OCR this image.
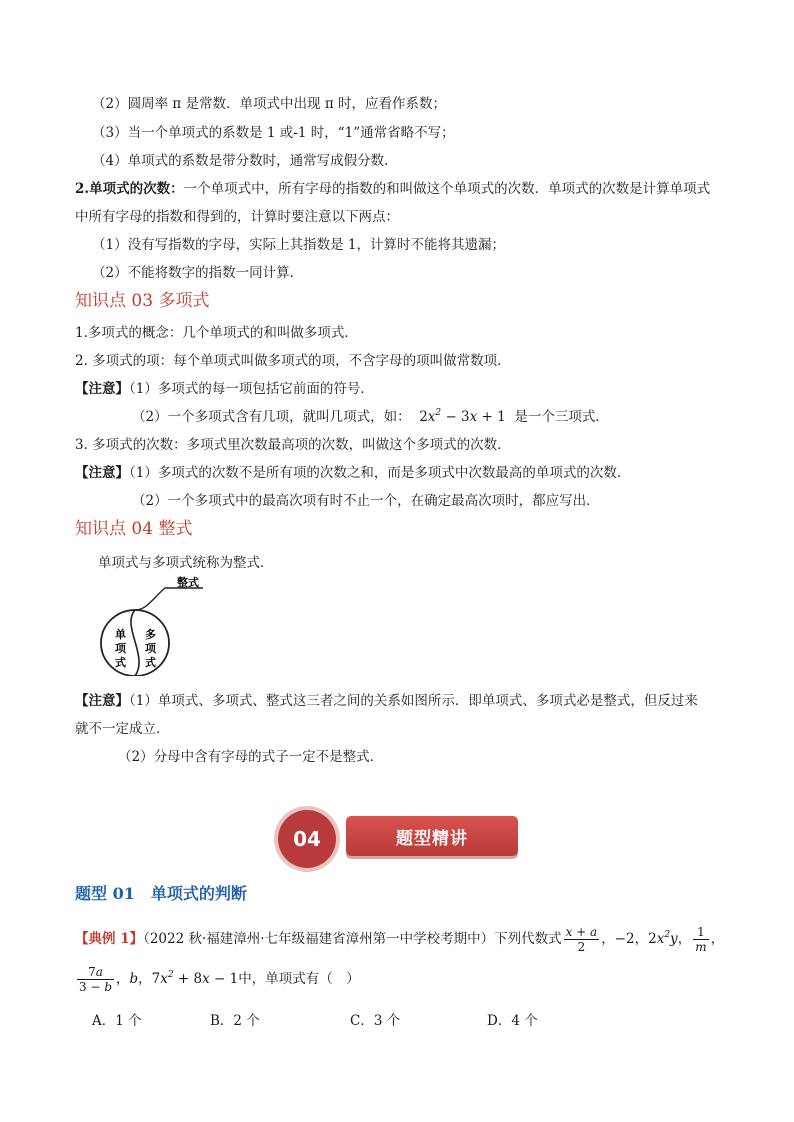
（2）圆周率 π 是常数．单项式中出现 π 时，应看作系数；
（3）当一个单项式的系数是 1 或-1 时，“1”通常省略不写；
（4）单项式的系数是带分数时，通常写成假分数．
2.单项式的次数：一个单项式中，所有字母的指数的和叫做这个单项式的次数．单项式的次数是计算单项式
中所有字母的指数和得到的，计算时要注意以下两点：
（1）没有写指数的字母，实际上其指数是 1，计算时不能将其遗漏；
（2）不能将数字的指数一同计算．
知识点 03 多项式
1.多项式的概念：几个单项式的和叫做多项式．
2. 多项式的项：每个单项式叫做多项式的项，不含字母的项叫做常数项．
【注意】（1）多项式的每一项包括它前面的符号．
（2）一个多项式含有几项，就叫几项式，如： $2x^2 - 3x + 1$ 是一个三项式．
3. 多项式的次数：多项式里次数最高项的次数，叫做这个多项式的次数．
【注意】（1）多项式的次数不是所有项的次数之和，而是多项式中次数最高的单项式的次数．
（2）一个多项式中的最高次项有时不止一个，在确定最高次项时，都应写出．
知识点 04 整式
单项式与多项式统称为整式．
整式
单
项
式
多
项
式
【注意】（1）单项式、多项式、整式这三者之间的关系如图所示．即单项式、多项式必是整式，但反过来
就不一定成立．
（2）分母中含有字母的式子一定不是整式．
04	题型精讲
题型 01　单项式的判断
【典例 1】（2022 秋·福建漳州·七年级福建省漳州第一中学校考期中）下列代数式 $\frac{x + a}{2}$ ，−2，$2x^2y$， $\frac{1}{m}$ ，
$\frac{7a}{3 - b}$ ，b，$7x^2 + 8x - 1$中，单项式有（　）
A．1 个	B．2 个	C．3 个	D．4 个
